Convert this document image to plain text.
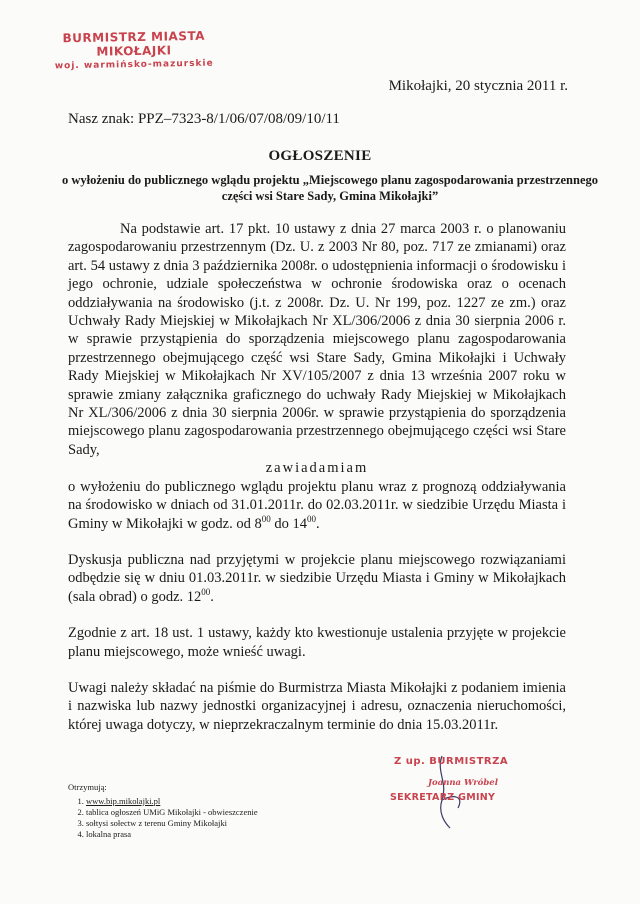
BURMISTRZ MIASTA MIKOŁAJKI
woj. warmińsko-mazurskie
Mikołajki, 20 stycznia 2011 r.
Nasz znak: PPZ–7323-8/1/06/07/08/09/10/11
OGŁOSZENIE
o wyłożeniu do publicznego wglądu projektu „Miejscowego planu zagospodarowania przestrzennego części wsi Stare Sady, Gmina Mikołajki”

Na podstawie art. 17 pkt. 10 ustawy z dnia 27 marca 2003 r. o planowaniu zagospodarowaniu przestrzennym (Dz. U. z 2003 Nr 80, poz. 717 ze zmianami) oraz art. 54 ustawy z dnia 3 października 2008r. o udostępnienia informacji o środowisku i jego ochronie, udziale społeczeństwa w ochronie środowiska oraz o ocenach oddziaływania na środowisko (j.t. z 2008r. Dz. U. Nr 199, poz. 1227 ze zm.) oraz Uchwały Rady Miejskiej w Mikołajkach Nr XL/306/2006 z dnia 30 sierpnia 2006 r. w sprawie przystąpienia do sporządzenia miejscowego planu zagospodarowania przestrzennego obejmującego część wsi Stare Sady, Gmina Mikołajki i Uchwały Rady Miejskiej w Mikołajkach Nr XV/105/2007 z dnia 13 września 2007 roku w sprawie zmiany załącznika graficznego do uchwały Rady Miejskiej w Mikołajkach Nr XL/306/2006 z dnia 30 sierpnia 2006r. w sprawie przystąpienia do sporządzenia miejscowego planu zagospodarowania przestrzennego obejmującego części wsi Stare Sady,

zawiadamiam

o wyłożeniu do publicznego wglądu projektu planu wraz z prognozą oddziaływania na środowisko w dniach od 31.01.2011r. do 02.03.2011r. w siedzibie Urzędu Miasta i Gminy w Mikołajki w godz. od $8^{00}$ do $14^{00}$.

Dyskusja publiczna nad przyjętymi w projekcie planu miejscowego rozwiązaniami odbędzie się w dniu 01.03.2011r. w siedzibie Urzędu Miasta i Gminy w Mikołajkach (sala obrad) o godz. $12^{00}$.

Zgodnie z art. 18 ust. 1 ustawy, każdy kto kwestionuje ustalenia przyjęte w projekcie planu miejscowego, może wnieść uwagi.

Uwagi należy składać na piśmie do Burmistrza Miasta Mikołajki z podaniem imienia i nazwiska lub nazwy jednostki organizacyjnej i adresu, oznaczenia nieruchomości, której uwaga dotyczy, w nieprzekraczalnym terminie do dnia 15.03.2011r.

Otrzymują:
1. www.bip.mikolajki.pl
2. tablica ogłoszeń UMiG Mikołajki - obwieszczenie
3. sołtysi sołectw z terenu Gminy Mikołajki
4. lokalna prasa
Z up. BURMISTRZA
Joanna Wróbel
SEKRETARZ GMINY
